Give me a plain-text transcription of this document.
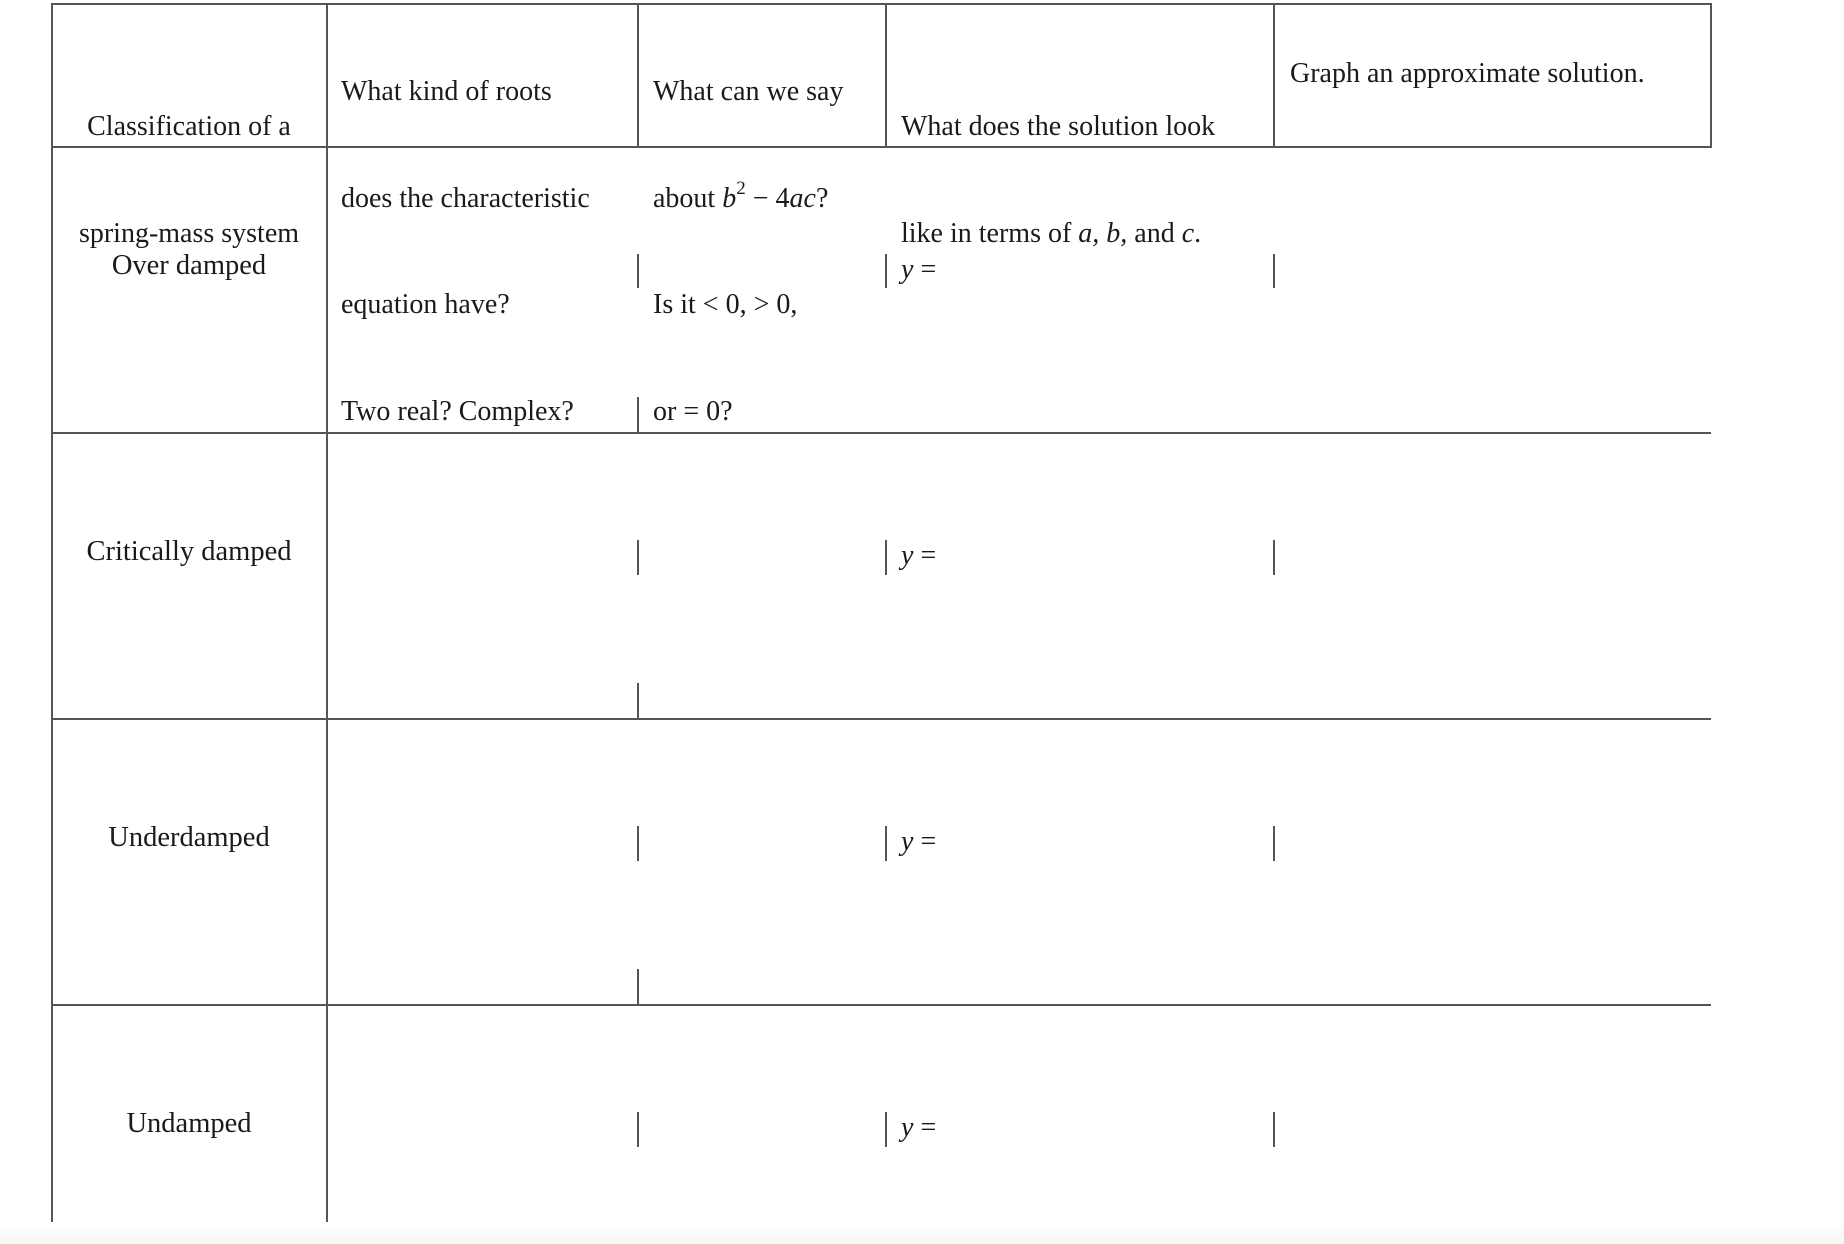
Classification of a

spring-mass system

What kind of roots

does the characteristic

equation have?

Two real? Complex?

What can we say

about $b^2 - 4ac$?

Is it < 0, > 0,

or = 0?

What does the solution look

like in terms of a, b, and c.

Graph an approximate solution.
Over damped
Critically damped
Underdamped
Undamped
y =
y =
y =
y =
